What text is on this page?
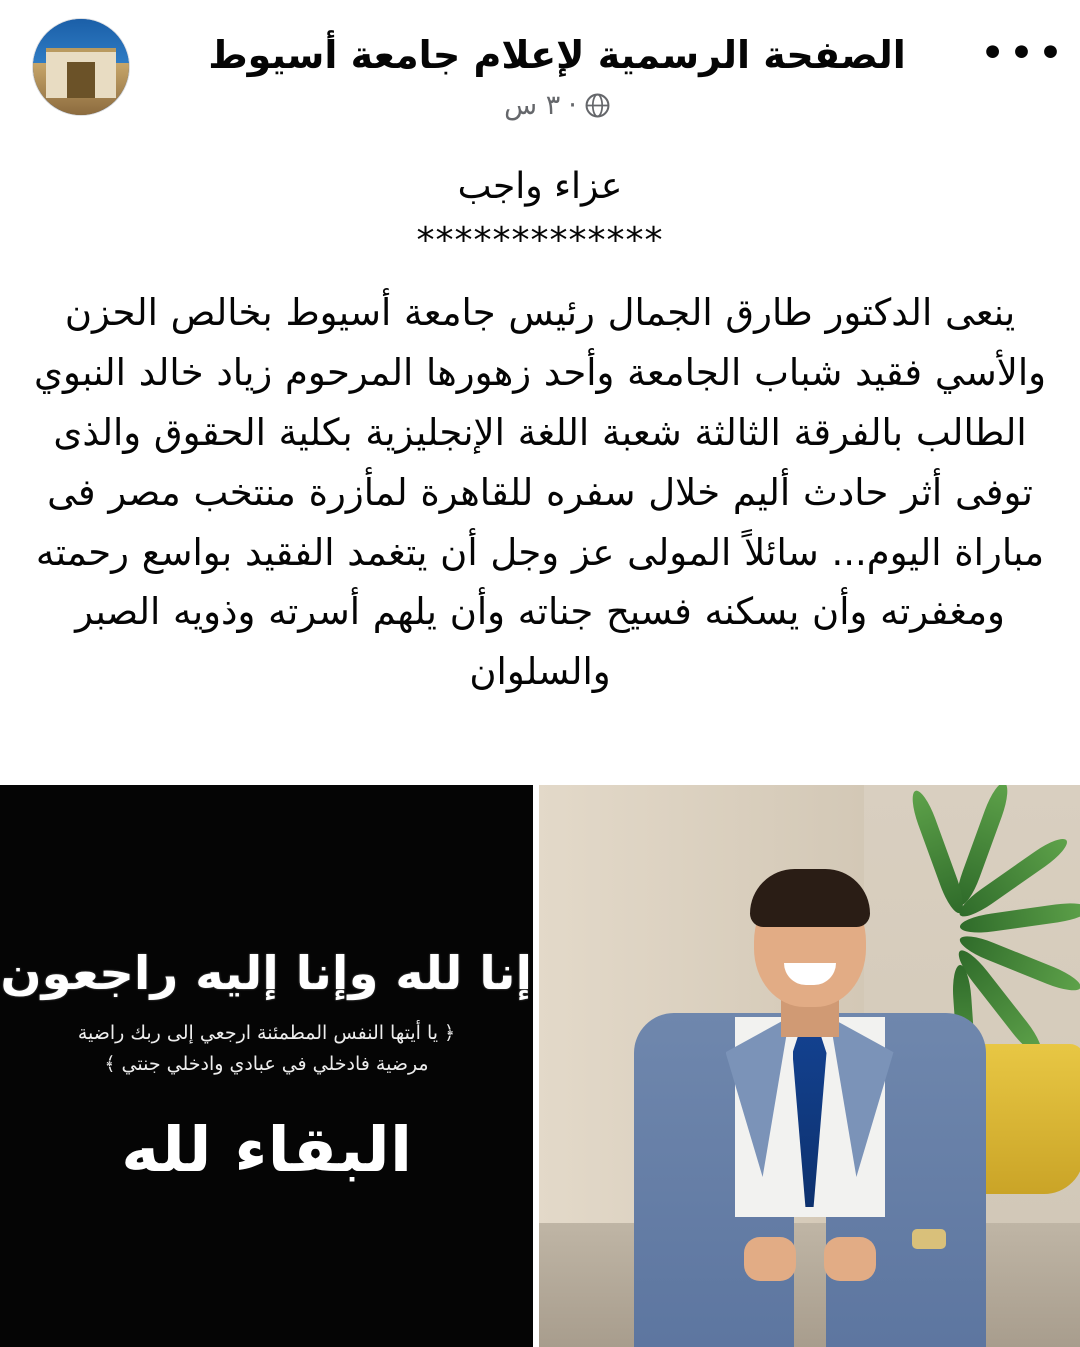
الصفحة الرسمية لإعلام جامعة أسيوط
٣ س ·
•••
عزاء واجب
*************
ينعى الدكتور طارق الجمال رئيس جامعة أسيوط بخالص الحزن والأسي فقيد شباب الجامعة وأحد زهورها المرحوم زياد خالد النبوي الطالب بالفرقة الثالثة شعبة اللغة الإنجليزية بكلية الحقوق والذى توفى أثر حادث أليم خلال سفره للقاهرة لمأزرة منتخب مصر فى مباراة اليوم... سائلاً المولى عز وجل أن يتغمد الفقيد بواسع رحمته ومغفرته وأن يسكنه فسيح جناته وأن يلهم أسرته وذويه الصبر والسلوان
إنا لله وإنا إليه راجعون
﴿ يا أيتها النفس المطمئنة ارجعي إلى ربك راضية مرضية فادخلي في عبادي وادخلي جنتي ﴾
البقاء لله
